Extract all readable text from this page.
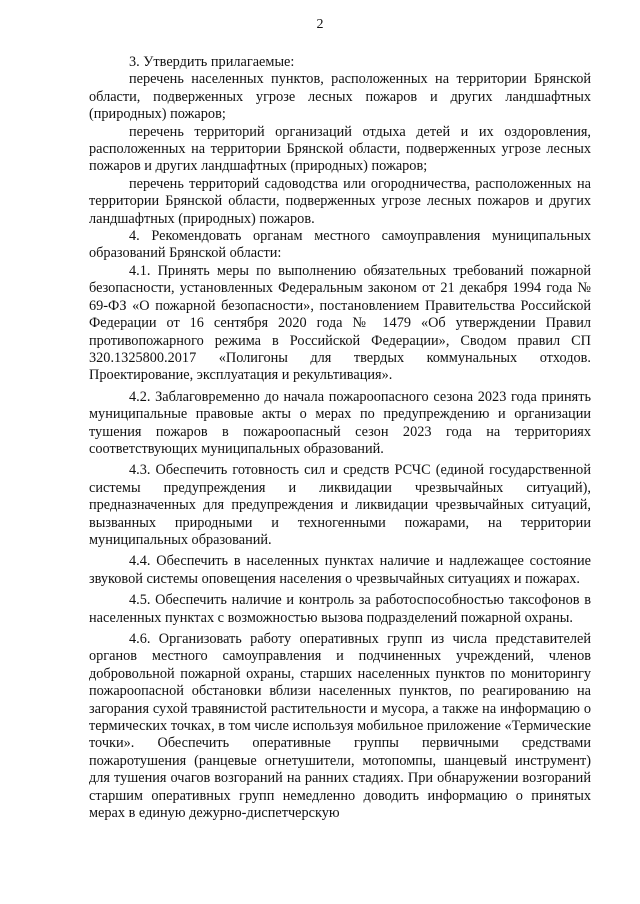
2

3. Утвердить прилагаемые:

перечень населенных пунктов, расположенных на территории Брянской области, подверженных угрозе лесных пожаров и других ландшафтных (природных) пожаров;

перечень территорий организаций отдыха детей и их оздоровления, расположенных на территории Брянской области, подверженных угрозе лесных пожаров и других ландшафтных (природных) пожаров;

перечень территорий садоводства или огородничества, расположенных на территории Брянской области, подверженных угрозе лесных пожаров и других ландшафтных (природных) пожаров.

4. Рекомендовать органам местного самоуправления муниципальных образований Брянской области:

4.1. Принять меры по выполнению обязательных требований пожарной безопасности, установленных Федеральным законом от 21 декабря 1994 года № 69-ФЗ «О пожарной безопасности», постановлением Правительства Российской Федерации от 16 сентября 2020 года № 1479 «Об утверждении Правил противопожарного режима в Российской Федерации», Сводом правил СП 320.1325800.2017 «Полигоны для твердых коммунальных отходов. Проектирование, эксплуатация и рекультивация».

4.2. Заблаговременно до начала пожароопасного сезона 2023 года принять муниципальные правовые акты о мерах по предупреждению и организации тушения пожаров в пожароопасный сезон 2023 года на территориях соответствующих муниципальных образований.

4.3. Обеспечить готовность сил и средств РСЧС (единой государственной системы предупреждения и ликвидации чрезвычайных ситуаций), предназначенных для предупреждения и ликвидации чрезвычайных ситуаций, вызванных природными и техногенными пожарами, на территории муниципальных образований.

4.4. Обеспечить в населенных пунктах наличие и надлежащее состояние звуковой системы оповещения населения о чрезвычайных ситуациях и пожарах.

4.5. Обеспечить наличие и контроль за работоспособностью таксофонов в населенных пунктах с возможностью вызова подразделений пожарной охраны.

4.6. Организовать работу оперативных групп из числа представителей органов местного самоуправления и подчиненных учреждений, членов добровольной пожарной охраны, старших населенных пунктов по мониторингу пожароопасной обстановки вблизи населенных пунктов, по реагированию на загорания сухой травянистой растительности и мусора, а также на информацию о термических точках, в том числе используя мобильное приложение «Термические точки». Обеспечить оперативные группы первичными средствами пожаротушения (ранцевые огнетушители, мотопомпы, шанцевый инструмент) для тушения очагов возгораний на ранних стадиях. При обнаружении возгораний старшим оперативных групп немедленно доводить информацию о принятых мерах в единую дежурно-диспетчерскую
